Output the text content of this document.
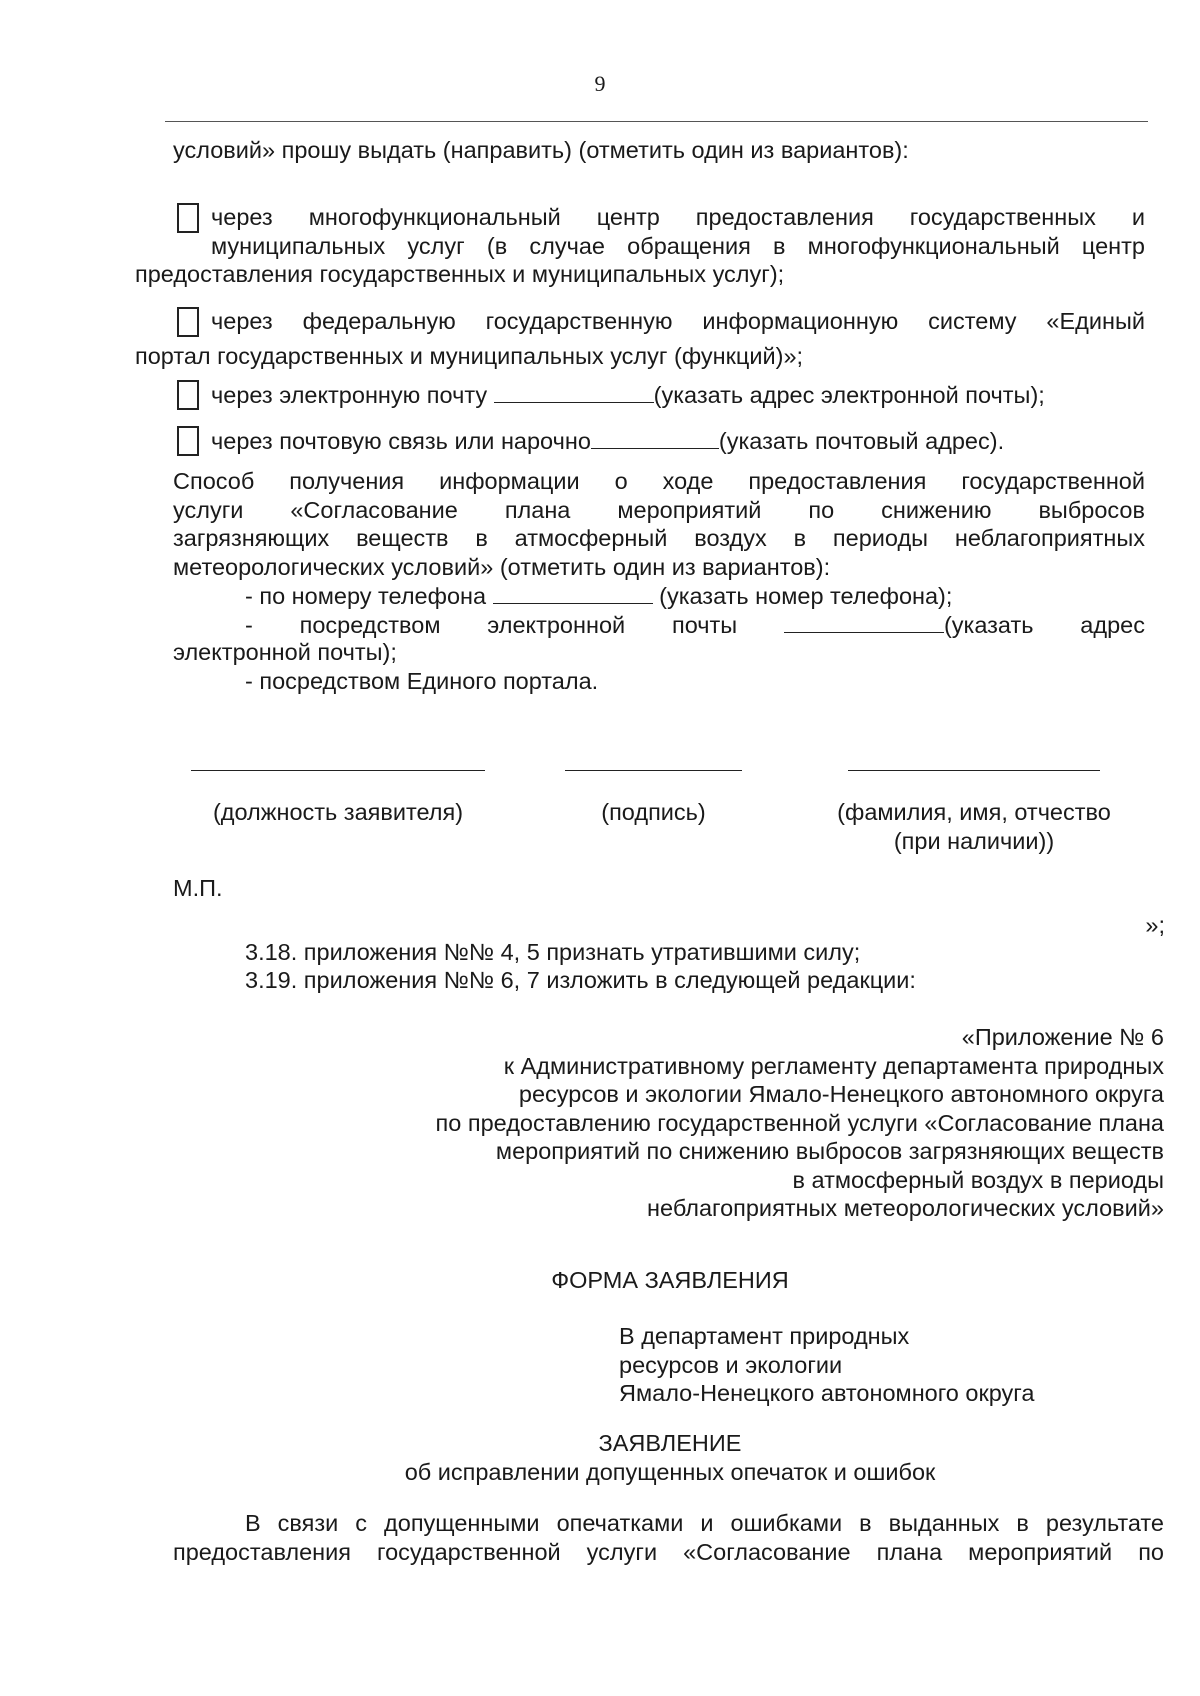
9
условий» прошу выдать (направить) (отметить один из вариантов):
через многофункциональный центр предоставления государственных и
муниципальных услуг (в случае обращения в многофункциональный центр
предоставления государственных и муниципальных услуг);
через федеральную государственную информационную систему «Единый
портал государственных и муниципальных услуг (функций)»;
через электронную почту	(указать адрес электронной почты);
через почтовую связь или нарочно	(указать почтовый адрес).
Способ получения информации о ходе предоставления государственной
услуги «Согласование плана мероприятий по снижению выбросов
загрязняющих веществ в атмосферный воздух в периоды неблагоприятных
метеорологических условий» (отметить один из вариантов):
- по номеру телефона	(указать номер телефона);
- посредством электронной почты	(указать адрес
электронной почты);
- посредством Единого портала.
(должность заявителя)	(подпись)	(фамилия, имя, отчество
(при наличии))
М.П.
»;
3.18. приложения №№ 4, 5 признать утратившими силу;
3.19. приложения №№ 6, 7 изложить в следующей редакции:
«Приложение № 6
к Административному регламенту департамента природных
ресурсов и экологии Ямало-Ненецкого автономного округа
по предоставлению государственной услуги «Согласование плана
мероприятий по снижению выбросов загрязняющих веществ
в атмосферный воздух в периоды
неблагоприятных метеорологических условий»
ФОРМА ЗАЯВЛЕНИЯ
В департамент природных
ресурсов и экологии
Ямало-Ненецкого автономного округа
ЗАЯВЛЕНИЕ
об исправлении допущенных опечаток и ошибок
В связи с допущенными опечатками и ошибками в выданных в результате
предоставления государственной услуги «Согласование плана мероприятий по
